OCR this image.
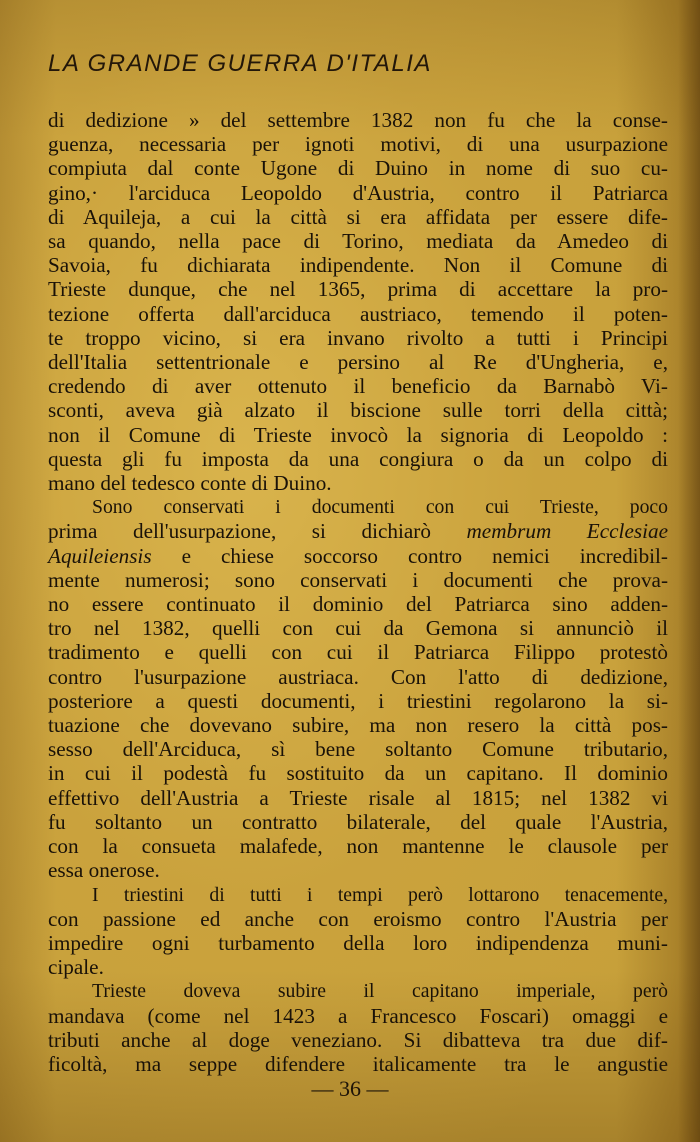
LA GRANDE GUERRA D'ITALIA
di dedizione » del settembre 1382 non fu che la conse-
guenza, necessaria per ignoti motivi, di una usurpazione
compiuta dal conte Ugone di Duino in nome di suo cu-
gino,· l'arciduca Leopoldo d'Austria, contro il Patriarca
di Aquileja, a cui la città si era affidata per essere dife-
sa quando, nella pace di Torino, mediata da Amedeo di
Savoia, fu dichiarata indipendente. Non il Comune di
Trieste dunque, che nel 1365, prima di accettare la pro-
tezione offerta dall'arciduca austriaco, temendo il poten-
te troppo vicino, si era invano rivolto a tutti i Principi
dell'Italia settentrionale e persino al Re d'Ungheria, e,
credendo di aver ottenuto il beneficio da Barnabò Vi-
sconti, aveva già alzato il biscione sulle torri della città;
non il Comune di Trieste invocò la signoria di Leopoldo :
questa gli fu imposta da una congiura o da un colpo di
mano del tedesco conte di Duino.
Sono conservati i documenti con cui Trieste, poco
prima dell'usurpazione, si dichiarò membrum Ecclesiae
Aquileiensis e chiese soccorso contro nemici incredibil-
mente numerosi; sono conservati i documenti che prova-
no essere continuato il dominio del Patriarca sino adden-
tro nel 1382, quelli con cui da Gemona si annunciò il
tradimento e quelli con cui il Patriarca Filippo protestò
contro l'usurpazione austriaca. Con l'atto di dedizione,
posteriore a questi documenti, i triestini regolarono la si-
tuazione che dovevano subire, ma non resero la città pos-
sesso dell'Arciduca, sì bene soltanto Comune tributario,
in cui il podestà fu sostituito da un capitano. Il dominio
effettivo dell'Austria a Trieste risale al 1815; nel 1382 vi
fu soltanto un contratto bilaterale, del quale l'Austria,
con la consueta malafede, non mantenne le clausole per
essa onerose.
I triestini di tutti i tempi però lottarono tenacemente,
con passione ed anche con eroismo contro l'Austria per
impedire ogni turbamento della loro indipendenza muni-
cipale.
Trieste doveva subire il capitano imperiale, però
mandava (come nel 1423 a Francesco Foscari) omaggi e
tributi anche al doge veneziano. Si dibatteva tra due dif-
ficoltà, ma seppe difendere italicamente tra le angustie
— 36 —
